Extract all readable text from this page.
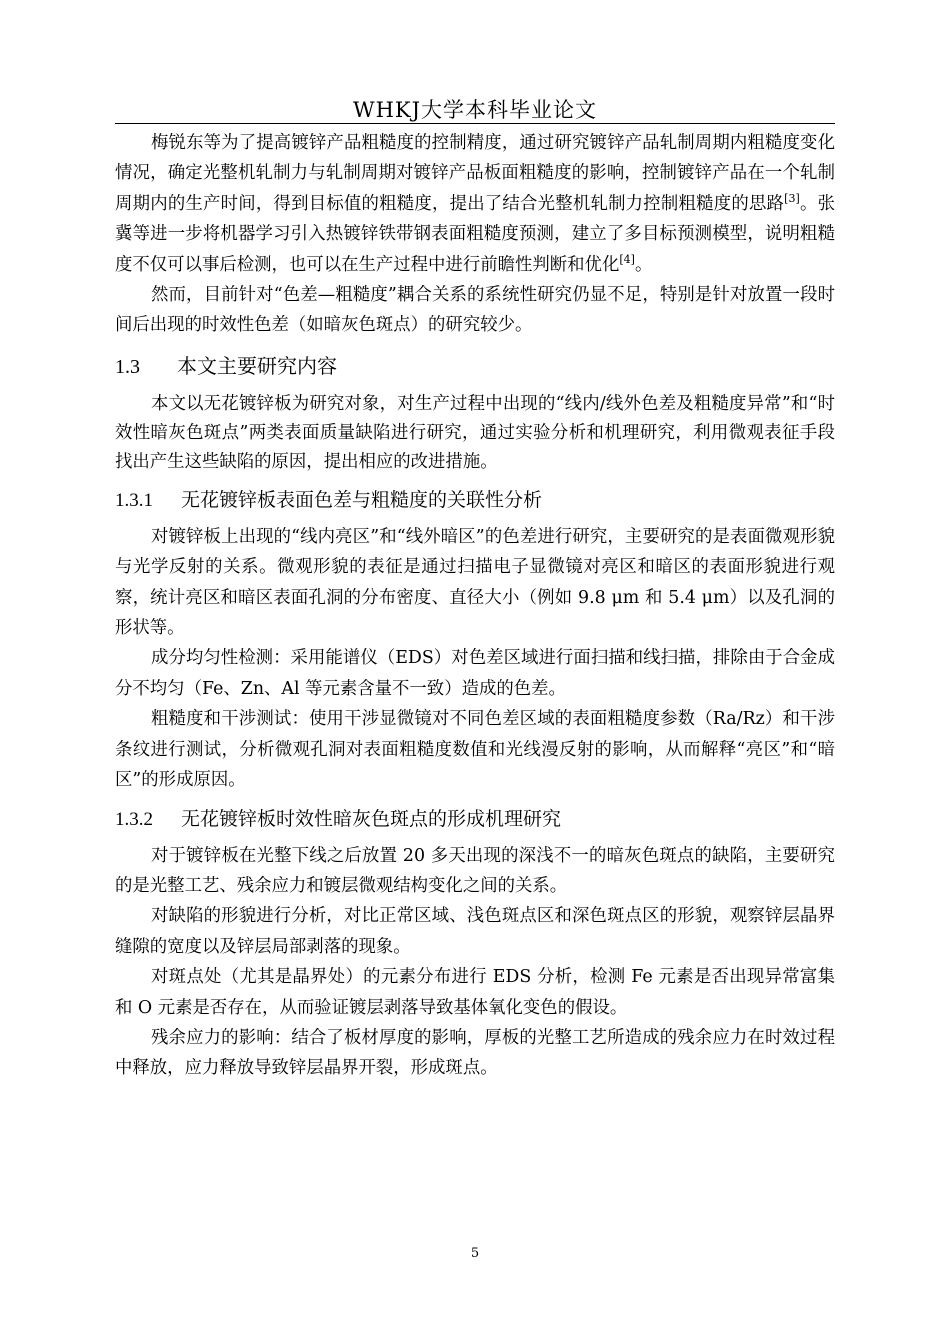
WHKJ大学本科毕业论文

梅锐东等为了提高镀锌产品粗糙度的控制精度，通过研究镀锌产品轧制周期内粗糙度变化情况，确定光整机轧制力与轧制周期对镀锌产品板面粗糙度的影响，控制镀锌产品在一个轧制周期内的生产时间，得到目标值的粗糙度，提出了结合光整机轧制力控制粗糙度的思路[3]。张冀等进一步将机器学习引入热镀锌铁带钢表面粗糙度预测，建立了多目标预测模型，说明粗糙度不仅可以事后检测，也可以在生产过程中进行前瞻性判断和优化[4]。

然而，目前针对“色差—粗糙度”耦合关系的系统性研究仍显不足，特别是针对放置一段时间后出现的时效性色差（如暗灰色斑点）的研究较少。

1.3 本文主要研究内容

本文以无花镀锌板为研究对象，对生产过程中出现的“线内/线外色差及粗糙度异常”和“时效性暗灰色斑点”两类表面质量缺陷进行研究，通过实验分析和机理研究，利用微观表征手段找出产生这些缺陷的原因，提出相应的改进措施。

1.3.1 无花镀锌板表面色差与粗糙度的关联性分析

对镀锌板上出现的“线内亮区”和“线外暗区”的色差进行研究，主要研究的是表面微观形貌与光学反射的关系。微观形貌的表征是通过扫描电子显微镜对亮区和暗区的表面形貌进行观察，统计亮区和暗区表面孔洞的分布密度、直径大小（例如 9.8 μm 和 5.4 μm）以及孔洞的形状等。

成分均匀性检测：采用能谱仪（EDS）对色差区域进行面扫描和线扫描，排除由于合金成分不均匀（Fe、Zn、Al 等元素含量不一致）造成的色差。

粗糙度和干涉测试：使用干涉显微镜对不同色差区域的表面粗糙度参数（Ra/Rz）和干涉条纹进行测试，分析微观孔洞对表面粗糙度数值和光线漫反射的影响，从而解释“亮区”和“暗区”的形成原因。

1.3.2 无花镀锌板时效性暗灰色斑点的形成机理研究

对于镀锌板在光整下线之后放置 20 多天出现的深浅不一的暗灰色斑点的缺陷，主要研究的是光整工艺、残余应力和镀层微观结构变化之间的关系。

对缺陷的形貌进行分析，对比正常区域、浅色斑点区和深色斑点区的形貌，观察锌层晶界缝隙的宽度以及锌层局部剥落的现象。

对斑点处（尤其是晶界处）的元素分布进行 EDS 分析，检测 Fe 元素是否出现异常富集和 O 元素是否存在，从而验证镀层剥落导致基体氧化变色的假设。

残余应力的影响：结合了板材厚度的影响，厚板的光整工艺所造成的残余应力在时效过程中释放，应力释放导致锌层晶界开裂，形成斑点。

5
